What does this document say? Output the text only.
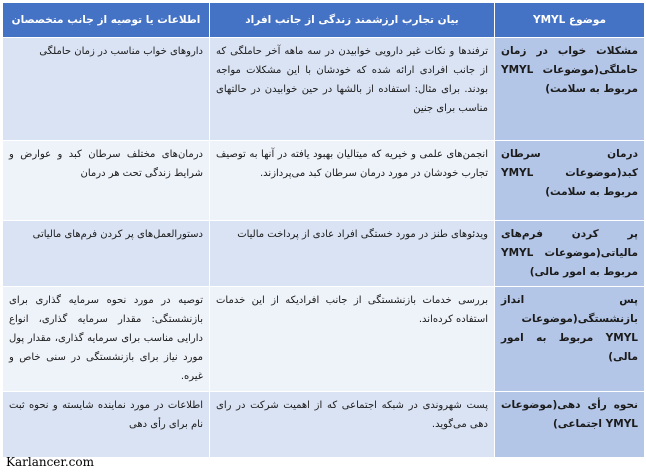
موضوع YMYL	بیان تجارب ارزشمند زندگی از جانب افراد	اطلاعات یا توصیه از جانب متخصصان
مشکلات خواب در زمان حاملگی(موضوعات YMYL مربوط به سلامت)	ترفندها و نکات غیر دارویی خوابیدن در سه ماهه آخر حاملگی که از جانب افرادی ارائه شده که خودشان با این مشکلات مواجه بودند. برای مثال: استفاده از بالشها در حین خوابیدن در حالتهای مناسب برای جنین	داروهای خواب مناسب در زمان حاملگی
درمان سرطان کبد(موضوعات YMYL مربوط به سلامت)	انجمن‌های علمی و خیریه که میتالیان بهبود یافته در آنها به توصیف تجارب خودشان در مورد درمان سرطان کبد می‌پردازند.	درمان‌های مختلف سرطان کبد و عوارض و شرایط زندگی تحت هر درمان
پر کردن فرم‌های مالیاتی(موضوعات YMYL مربوط به امور مالی)	ویدئوهای طنز در مورد خستگی افراد عادی از پرداخت مالیات	دستورالعمل‌های پر کردن فرم‌های مالیاتی
پس انداز بازنشستگی(موضوعات YMYL مربوط به امور مالی)	بررسی خدمات بازنشستگی از جانب افرادیکه از این خدمات استفاده کرده‌اند.	توصیه در مورد نحوه سرمایه گذاری برای بازنشستگی: مقدار سرمایه گذاری، انواع دارایی مناسب برای سرمایه گذاری، مقدار پول مورد نیاز برای بازنشستگی در سنی خاص و غیره.
نحوه رأی دهی(موضوعات YMYL اجتماعی)	پست شهروندی در شبکه اجتماعی که از اهمیت شرکت در رای دهی می‌گوید.	اطلاعات در مورد نماینده شایسته و نحوه ثبت نام برای رأی دهی
Karlancer.com
